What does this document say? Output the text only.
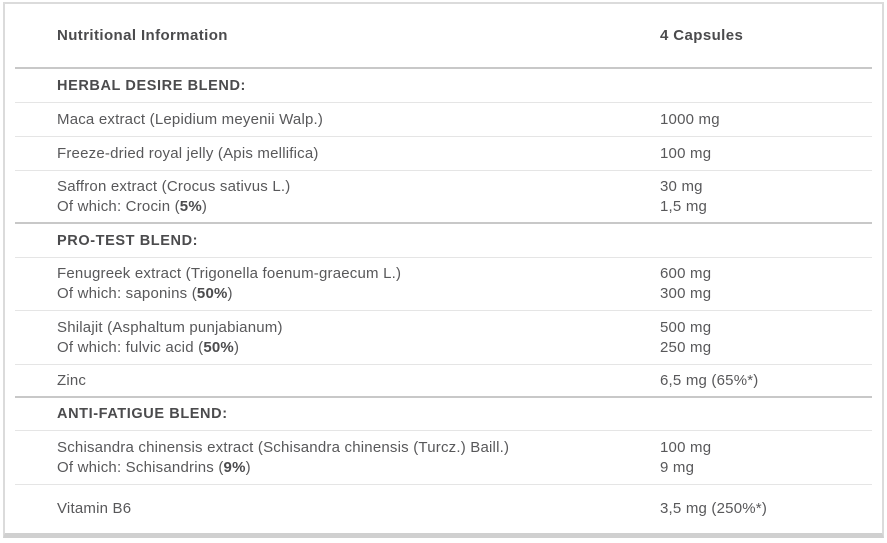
Nutritional Information	4 Capsules
HERBAL DESIRE BLEND:
Maca extract (Lepidium meyenii Walp.)	1000 mg
Freeze-dried royal jelly (Apis mellifica)	100 mg
Saffron extract (Crocus sativus L.)	30 mg
Of which: Crocin (5%)	1,5 mg
PRO-TEST BLEND:
Fenugreek extract (Trigonella foenum-graecum L.)	600 mg
Of which: saponins (50%)	300 mg
Shilajit (Asphaltum punjabianum)	500 mg
Of which: fulvic acid (50%)	250 mg
Zinc	6,5 mg (65%*)
ANTI-FATIGUE BLEND:
Schisandra chinensis extract (Schisandra chinensis (Turcz.) Baill.)	100 mg
Of which: Schisandrins (9%)	9 mg
Vitamin B6	3,5 mg (250%*)
